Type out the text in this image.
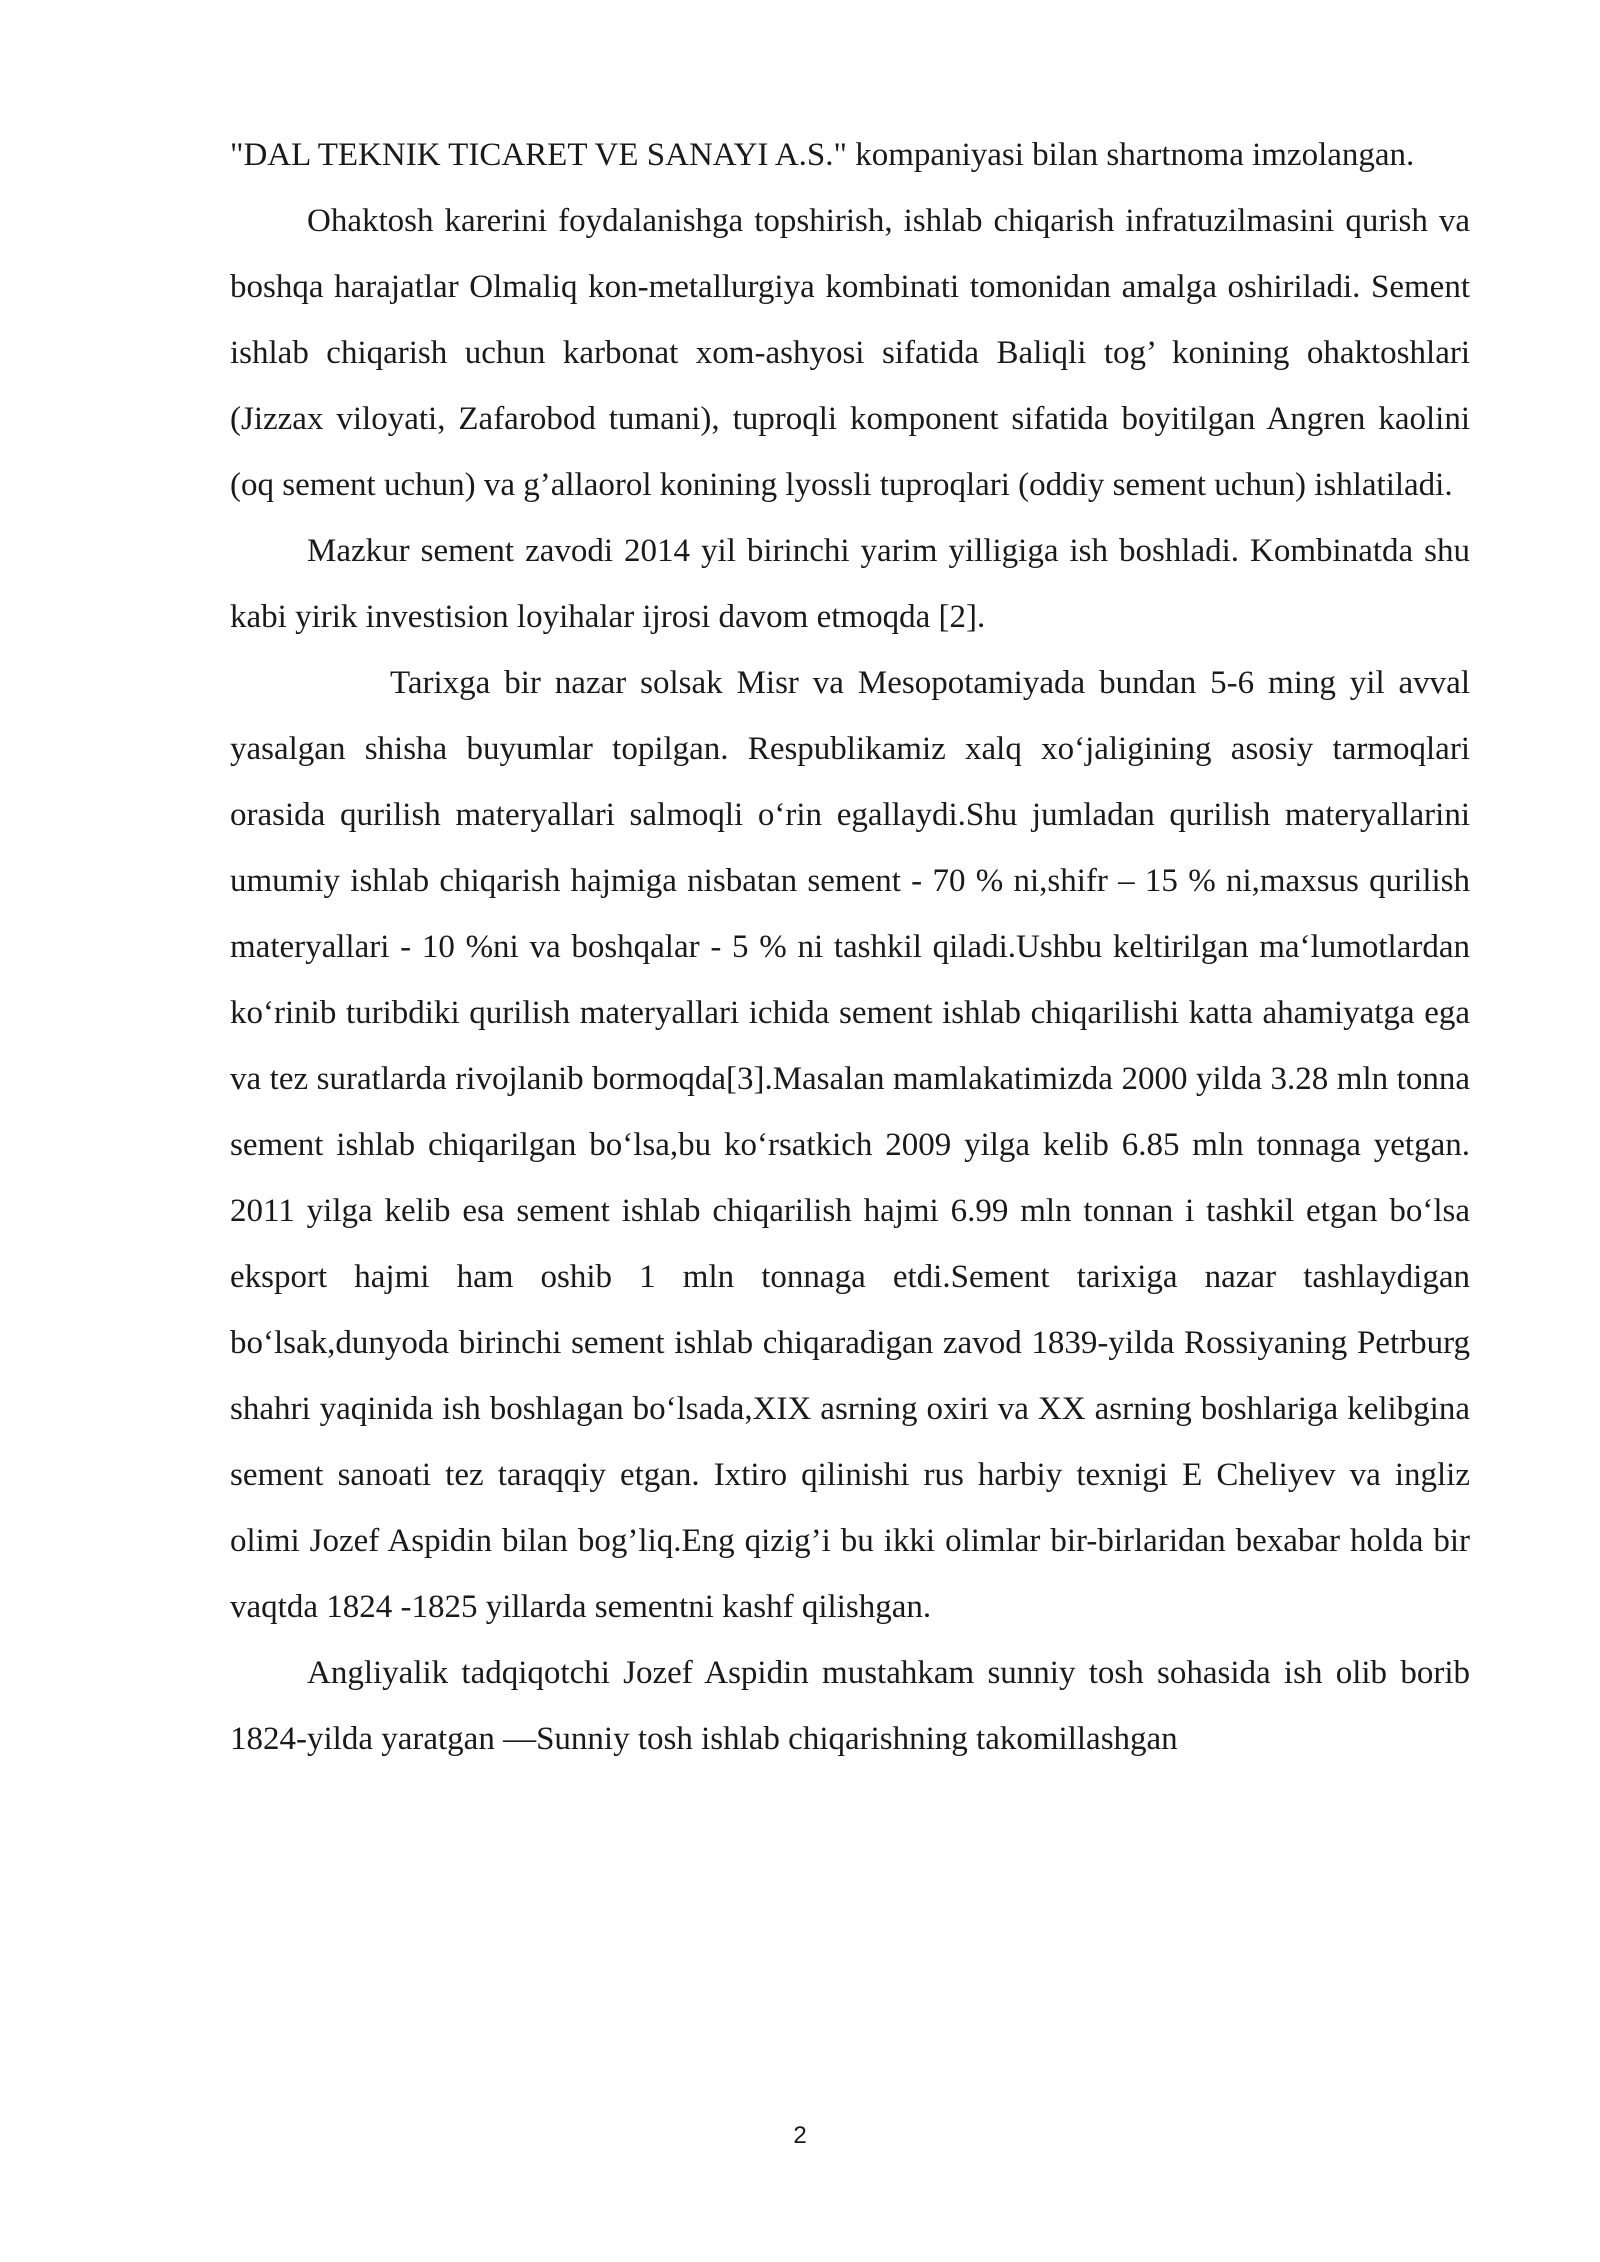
"DAL TEKNIK TICARET VE SANAYI A.S." kompaniyasi bilan shartnoma imzolangan.

Ohaktosh karerini foydalanishga topshirish, ishlab chiqarish infratuzilmasini qurish va boshqa harajatlar Olmaliq kon-metallurgiya kombinati tomonidan amalga oshiriladi. Sement ishlab chiqarish uchun karbonat xom-ashyosi sifatida Baliqli tog’ konining ohaktoshlari (Jizzax viloyati, Zafarobod tumani), tuproqli komponent sifatida boyitilgan Angren kaolini (oq sement uchun) va g’allaorol konining lyossli tuproqlari (oddiy sement uchun) ishlatiladi.

Mazkur sement zavodi 2014 yil birinchi yarim yilligiga ish boshladi. Kombinatda shu kabi yirik investision loyihalar ijrosi davom etmoqda [2].

Tarixga bir nazar solsak Misr va Mesopotamiyada bundan 5-6 ming yil avval yasalgan shisha buyumlar topilgan. Respublikamiz xalq xo‘jaligining asosiy tarmoqlari orasida qurilish materyallari salmoqli o‘rin egallaydi.Shu jumladan qurilish materyallarini umumiy ishlab chiqarish hajmiga nisbatan sement - 70 % ni,shifr – 15 % ni,maxsus qurilish materyallari - 10 %ni va boshqalar - 5 % ni tashkil qiladi.Ushbu keltirilgan ma‘lumotlardan ko‘rinib turibdiki qurilish materyallari ichida sement ishlab chiqarilishi katta ahamiyatga ega va tez suratlarda rivojlanib bormoqda[3].Masalan mamlakatimizda 2000 yilda 3.28 mln tonna sement ishlab chiqarilgan bo‘lsa,bu ko‘rsatkich 2009 yilga kelib 6.85 mln tonnaga yetgan. 2011 yilga kelib esa sement ishlab chiqarilish hajmi 6.99 mln tonnan i tashkil etgan bo‘lsa eksport hajmi ham oshib 1 mln tonnaga etdi.Sement tarixiga nazar tashlaydigan bo‘lsak,dunyoda birinchi sement ishlab chiqaradigan zavod 1839-yilda Rossiyaning Petrburg shahri yaqinida ish boshlagan bo‘lsada,XIX asrning oxiri va XX asrning boshlariga kelibgina sement sanoati tez taraqqiy etgan. Ixtiro qilinishi rus harbiy texnigi E Cheliyev va ingliz olimi Jozef Aspidin bilan bog’liq.Eng qizig’i bu ikki olimlar bir-birlaridan bexabar holda bir vaqtda 1824 -1825 yillarda sementni kashf qilishgan.

Angliyalik tadqiqotchi Jozef Aspidin mustahkam sunniy tosh sohasida ish olib borib 1824-yilda yaratgan ―Sunniy tosh ishlab chiqarishning takomillashgan

2
